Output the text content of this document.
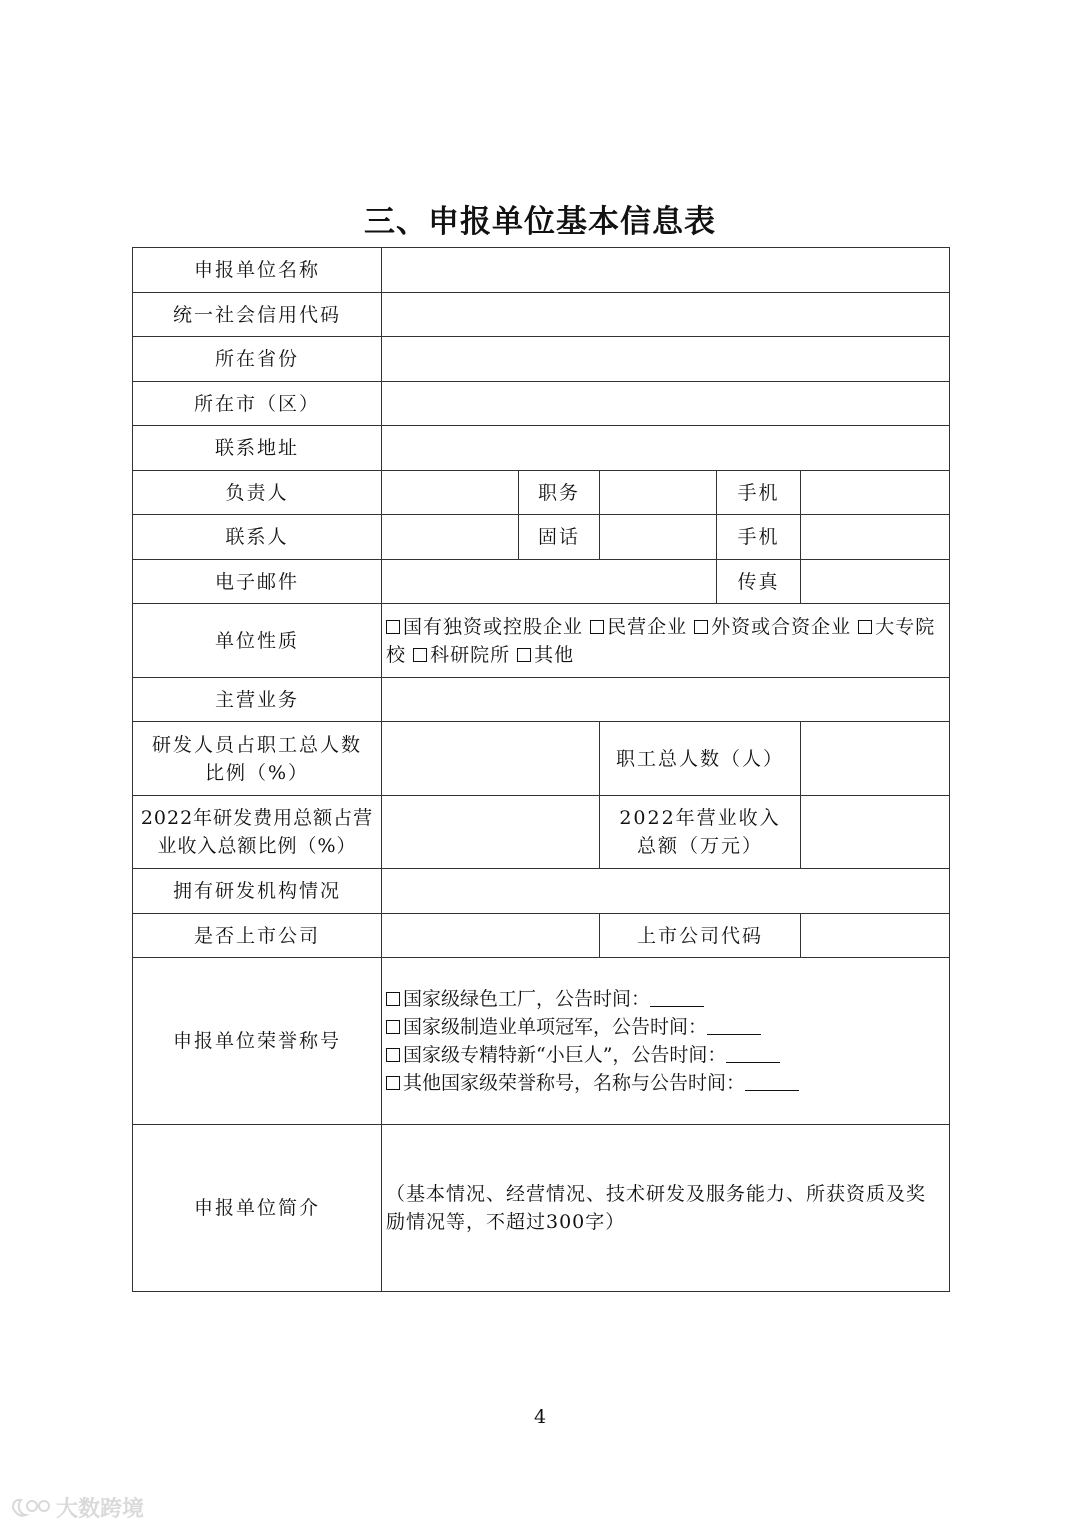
三、申报单位基本信息表
申报单位名称					
统一社会信用代码					
所在省份					
所在市（区）					
联系地址					
负责人		职务		手机	
联系人		固话		手机	
电子邮件				传真	
单位性质	国有独资或控股企业 民营企业 外资或合资企业 大专院校 科研院所 其他				
主营业务					
研发人员占职工总人数比例（%）			职工总人数（人）		
2022年研发费用总额占营业收入总额比例（%）			2022年营业收入总额（万元）		
拥有研发机构情况					
是否上市公司			上市公司代码		
申报单位荣誉称号	国家级绿色工厂，公告时间：
国家级制造业单项冠军，公告时间：
国家级专精特新“小巨人”，公告时间：
其他国家级荣誉称号，名称与公告时间：				

申报单位简介	（基本情况、经营情况、技术研发及服务能力、所获资质及奖励情况等，不超过300字）				
4
大数跨境
